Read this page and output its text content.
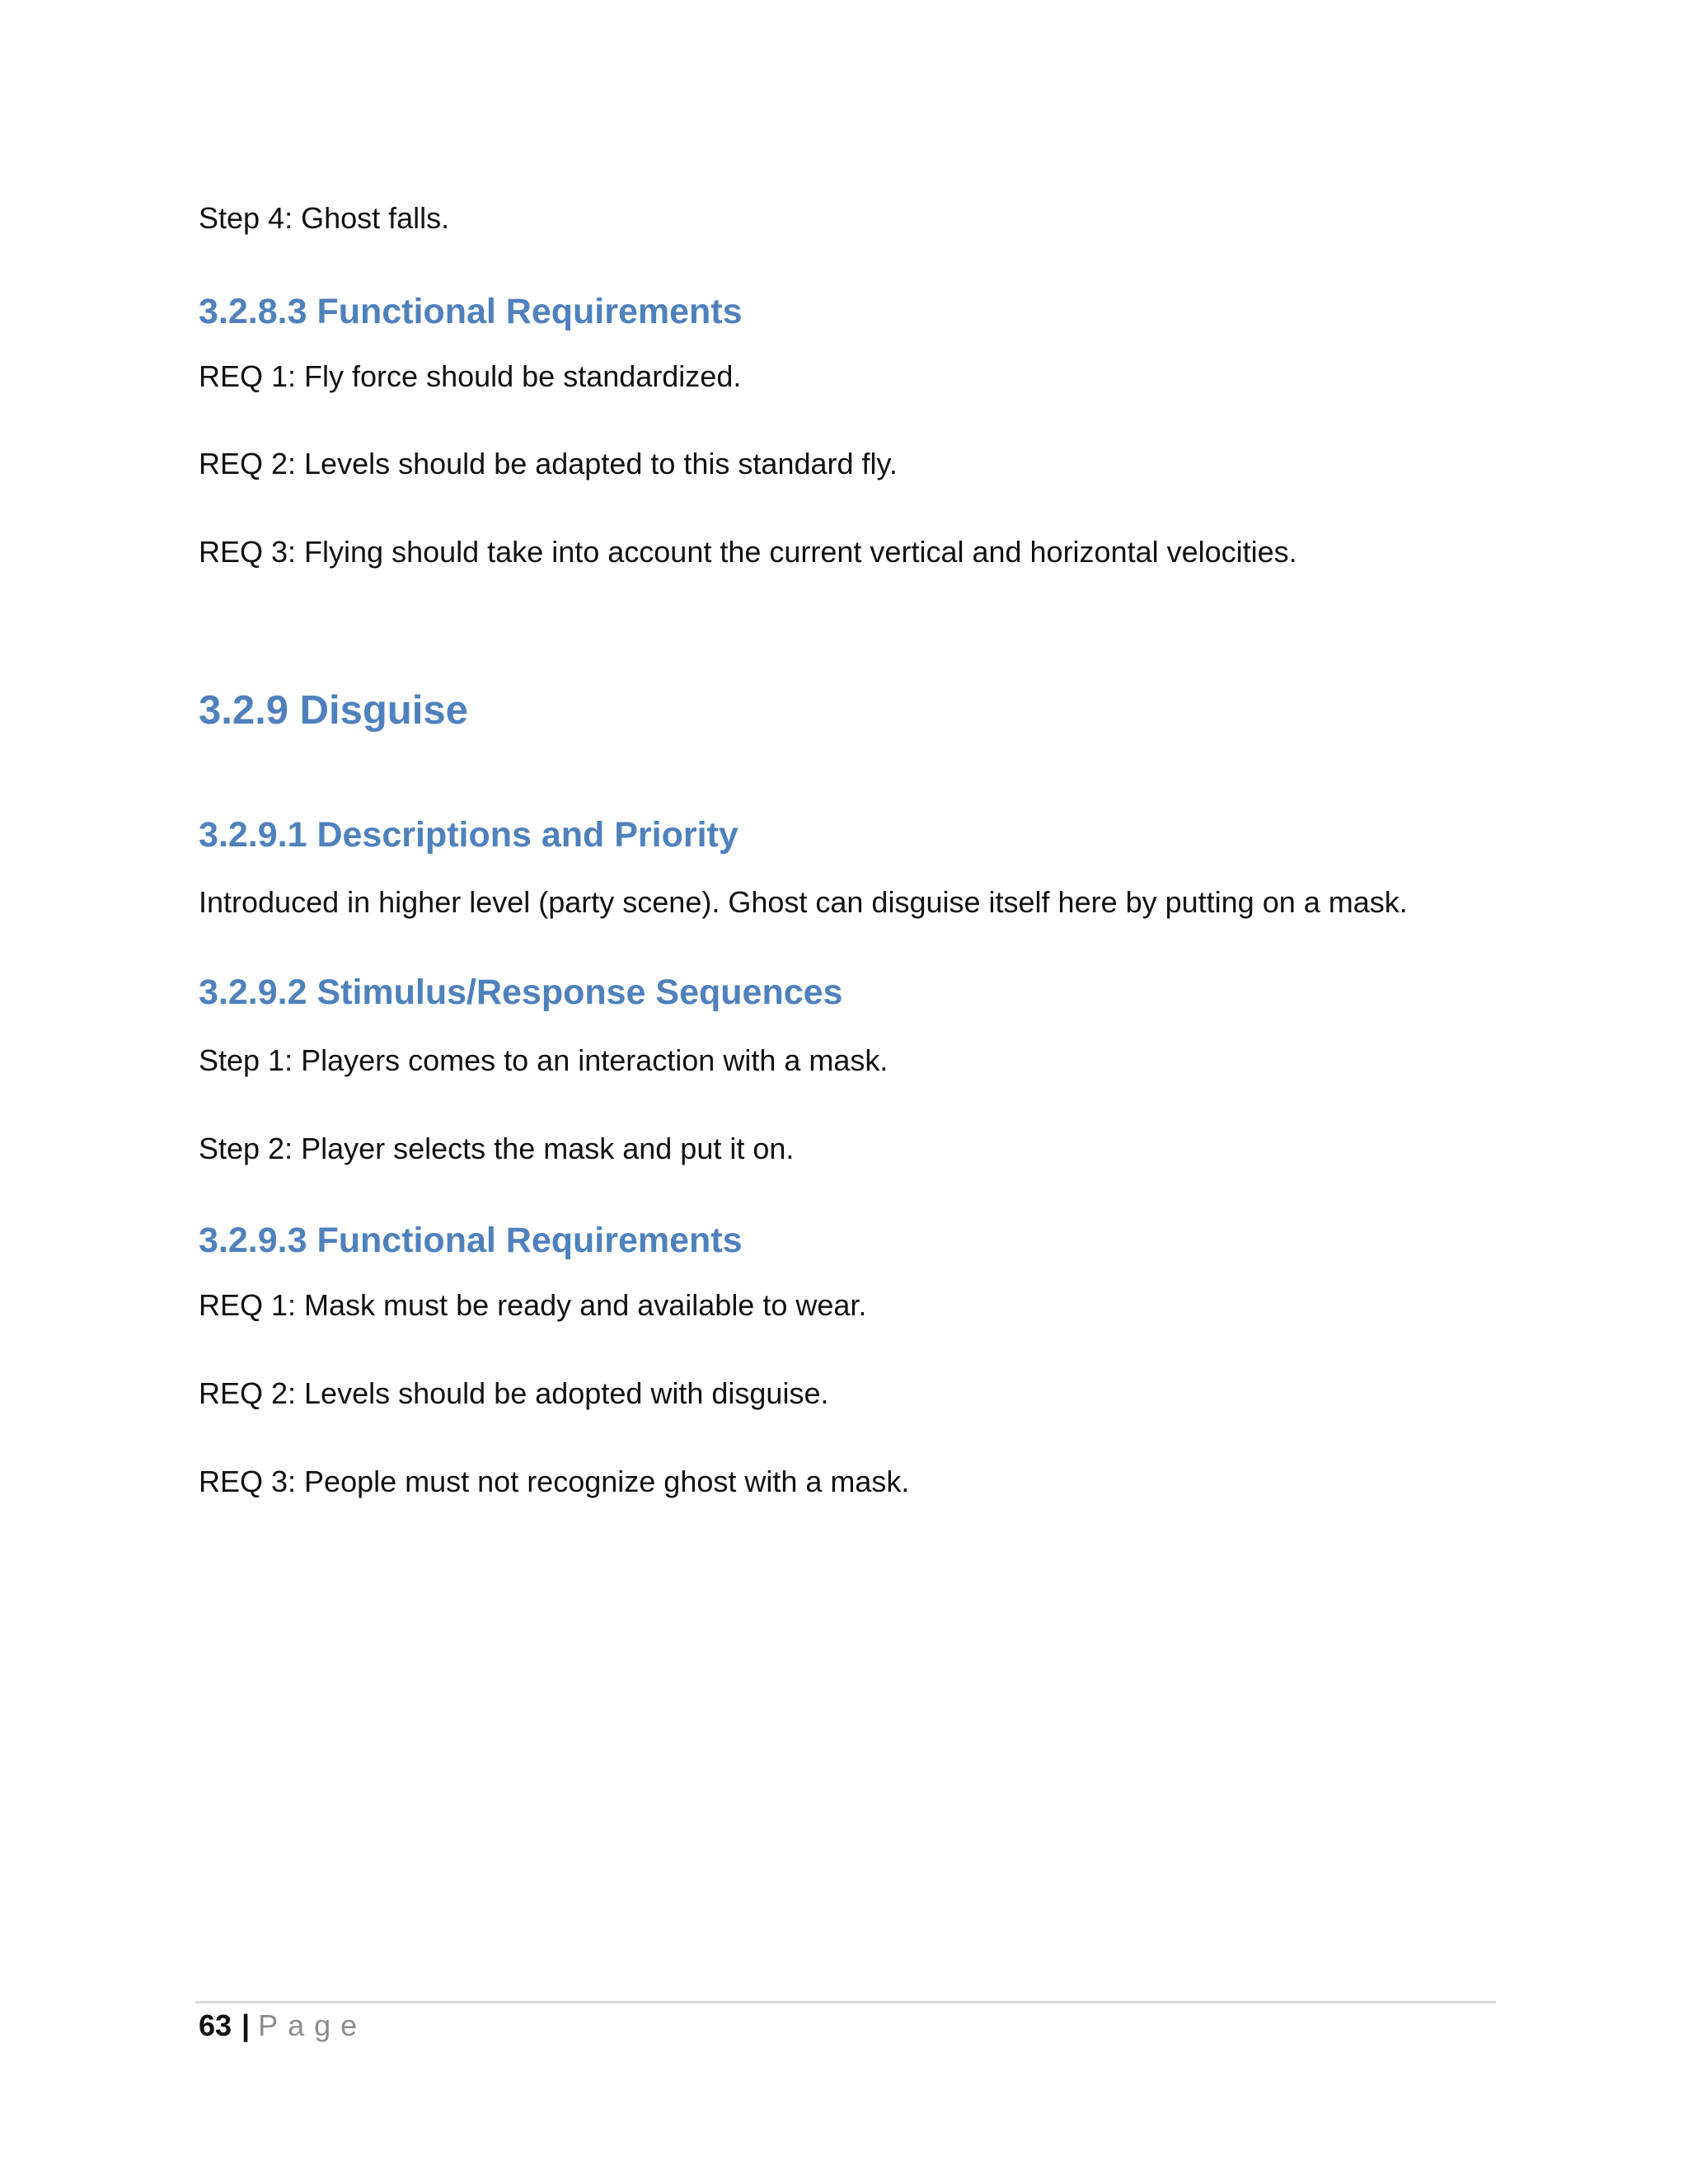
Step 4: Ghost falls.
3.2.8.3 Functional Requirements
REQ 1: Fly force should be standardized.
REQ 2: Levels should be adapted to this standard fly.
REQ 3: Flying should take into account the current vertical and horizontal velocities.
3.2.9 Disguise
3.2.9.1 Descriptions and Priority
Introduced in higher level (party scene). Ghost can disguise itself here by putting on a mask.
3.2.9.2 Stimulus/Response Sequences
Step 1: Players comes to an interaction with a mask.
Step 2: Player selects the mask and put it on.
3.2.9.3 Functional Requirements
REQ 1: Mask must be ready and available to wear.
REQ 2: Levels should be adopted with disguise.
REQ 3: People must not recognize ghost with a mask.
63 | Page
